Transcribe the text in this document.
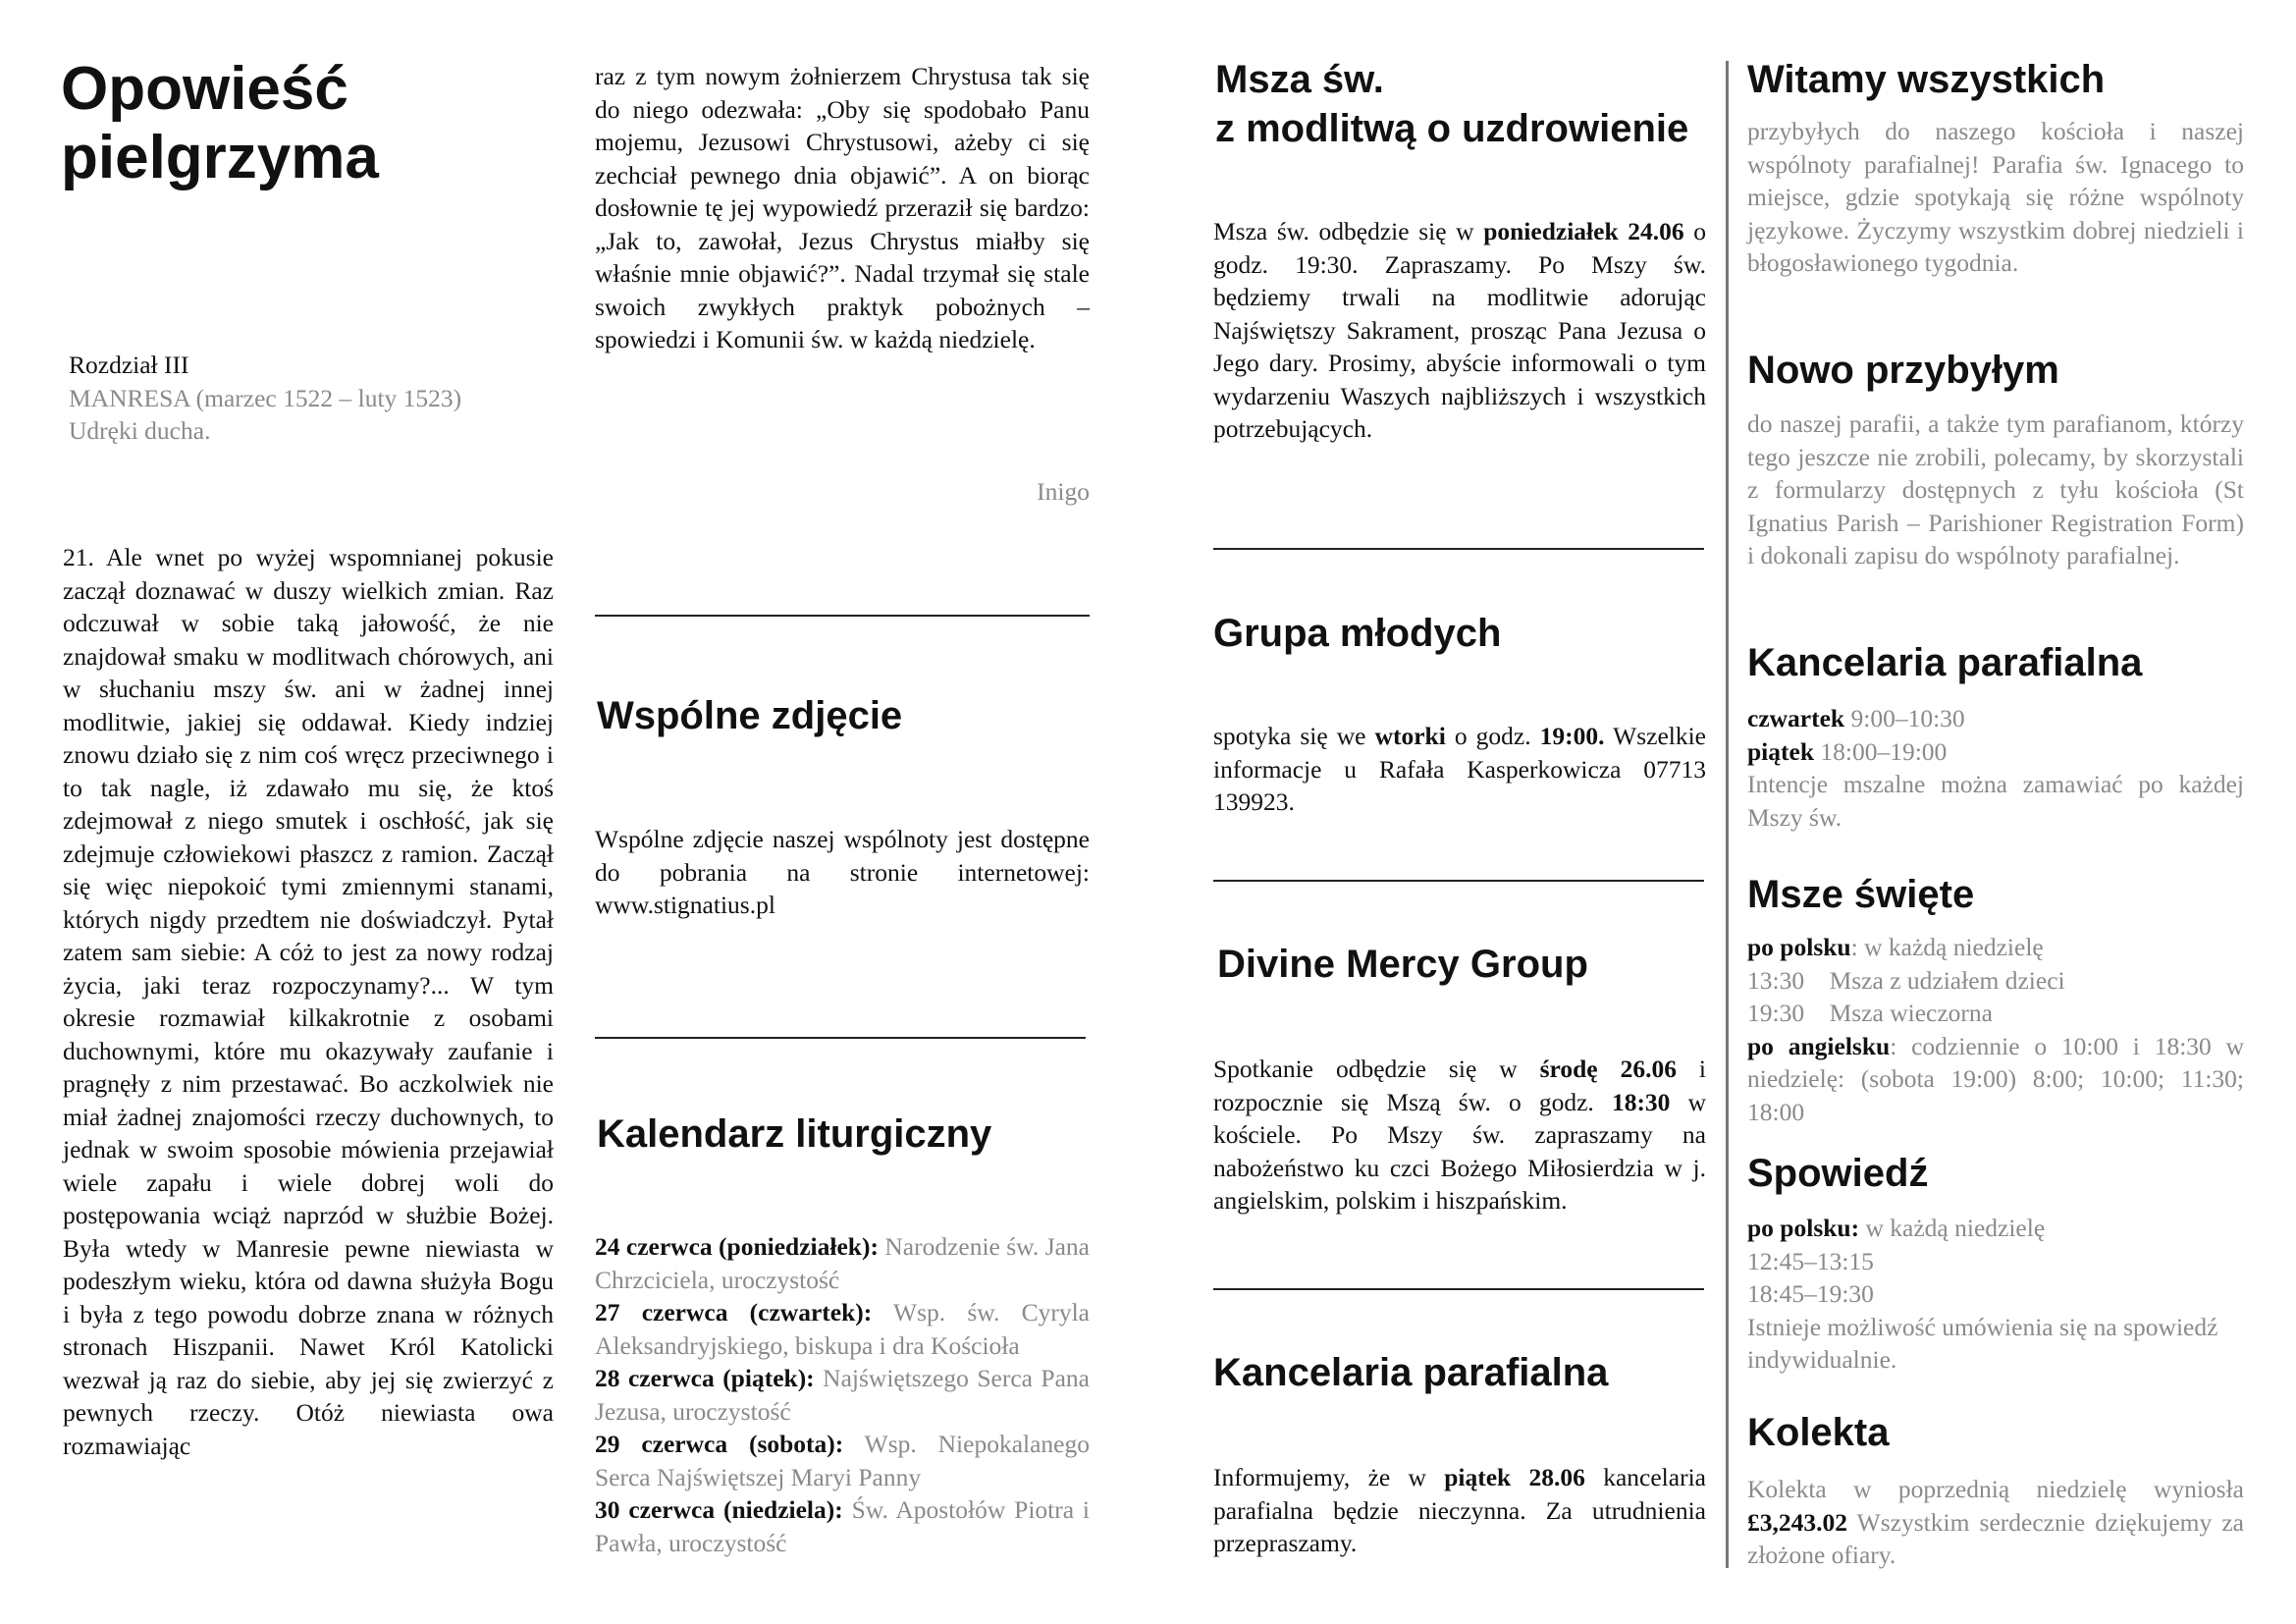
Opowieść
pielgrzyma

Rozdział III

MANRESA (marzec 1522 – luty 1523)

Udręki ducha.

21. Ale wnet po wyżej wspomnianej pokusie zaczął doznawać w duszy wielkich zmian. Raz odczuwał w sobie taką jałowość, że nie znajdował smaku w modlitwach chórowych, ani w słuchaniu mszy św. ani w żadnej innej modlitwie, jakiej się oddawał. Kiedy indziej znowu działo się z nim coś wręcz przeciwnego i to tak nagle, iż zdawało mu się, że ktoś zdejmował z niego smutek i oschłość, jak się zdejmuje człowiekowi płaszcz z ramion. Zaczął się więc niepokoić tymi zmiennymi stanami, których nigdy przedtem nie doświadczył. Pytał zatem sam siebie: A cóż to jest za nowy rodzaj życia, jaki teraz rozpoczynamy?... W tym okresie rozmawiał kilkakrotnie z osobami duchownymi, które mu okazywały zaufanie i pragnęły z nim przestawać. Bo aczkolwiek nie miał żadnej znajomości rzeczy duchownych, to jednak w swoim sposobie mówienia przejawiał wiele zapału i wiele dobrej woli do postępowania wciąż naprzód w służbie Bożej. Była wtedy w Manresie pewne niewiasta w podeszłym wieku, która od dawna służyła Bogu i była z tego powodu dobrze znana w różnych stronach Hiszpanii. Nawet Król Katolicki wezwał ją raz do siebie, aby jej się zwierzyć z pewnych rzeczy. Otóż niewiasta owa rozmawiając

raz z tym nowym żołnierzem Chrystusa tak się do niego odezwała: „Oby się spodobało Panu mojemu, Jezusowi Chrystusowi, ażeby ci się zechciał pewnego dnia objawić”. A on biorąc dosłownie tę jej wypowiedź przeraził się bardzo: „Jak to, zawołał, Jezus Chrystus miałby się właśnie mnie objawić?”. Nadal trzymał się stale swoich zwykłych praktyk pobożnych – spowiedzi i Komunii św. w każdą niedzielę.

Inigo
Wspólne zdjęcie

Wspólne zdjęcie naszej wspólnoty jest dostępne do pobrania na stronie internetowej: www.stignatius.pl

Kalendarz liturgiczny

24 czerwca (poniedziałek): Narodzenie św. Jana Chrzciciela, uroczystość

27 czerwca (czwartek): Wsp. św. Cyryla Aleksandryjskiego, biskupa i dra Kościoła

28 czerwca (piątek): Najświętszego Serca Pana Jezusa, uroczystość

29 czerwca (sobota): Wsp. Niepokalanego Serca Najświętszej Maryi Panny

30 czerwca (niedziela): Św. Apostołów Piotra i Pawła, uroczystość

Msza św.
z modlitwą o uzdrowienie

Msza św. odbędzie się w poniedziałek 24.06 o godz. 19:30. Zapraszamy. Po Mszy św. będziemy trwali na modlitwie adorując Najświętszy Sakrament, prosząc Pana Jezusa o Jego dary. Prosimy, abyście informowali o tym wydarzeniu Waszych najbliższych i wszystkich potrzebujących.

Grupa młodych

spotyka się we wtorki o godz. 19:00. Wszelkie informacje u Rafała Kasperkowicza 07713 139923.

Divine Mercy Group

Spotkanie odbędzie się w środę 26.06 i rozpocznie się Mszą św. o godz. 18:30 w kościele. Po Mszy św. zapraszamy na nabożeństwo ku czci Bożego Miłosierdzia w j. angielskim, polskim i hiszpańskim.

Kancelaria parafialna

Informujemy, że w piątek 28.06 kancelaria parafialna będzie nieczynna. Za utrudnienia przepraszamy.

Witamy wszystkich

przybyłych do naszego kościoła i naszej wspólnoty parafialnej! Parafia św. Ignacego to miejsce, gdzie spotykają się różne wspólnoty językowe. Życzymy wszystkim dobrej niedzieli i błogosławionego tygodnia.

Nowo przybyłym

do naszej parafii, a także tym parafianom, którzy tego jeszcze nie zrobili, polecamy, by skorzystali z formularzy dostępnych z tyłu kościoła (St Ignatius Parish – Parishioner Registration Form) i dokonali zapisu do wspólnoty parafialnej.

Kancelaria parafialna

czwartek 9:00–10:30

piątek 18:00–19:00

Intencje mszalne można zamawiać po każdej Mszy św.

Msze święte

po polsku: w każdą niedzielę

13:30    Msza z udziałem dzieci

19:30    Msza wieczorna

po angielsku: codziennie o 10:00 i 18:30 w niedzielę: (sobota 19:00) 8:00; 10:00; 11:30; 18:00

Spowiedź

po polsku: w każdą niedzielę

12:45–13:15

18:45–19:30

Istnieje możliwość umówienia się na spowiedź indywidualnie.

Kolekta

Kolekta w poprzednią niedzielę wyniosła £3,243.02 Wszystkim serdecznie dziękujemy za złożone ofiary.
